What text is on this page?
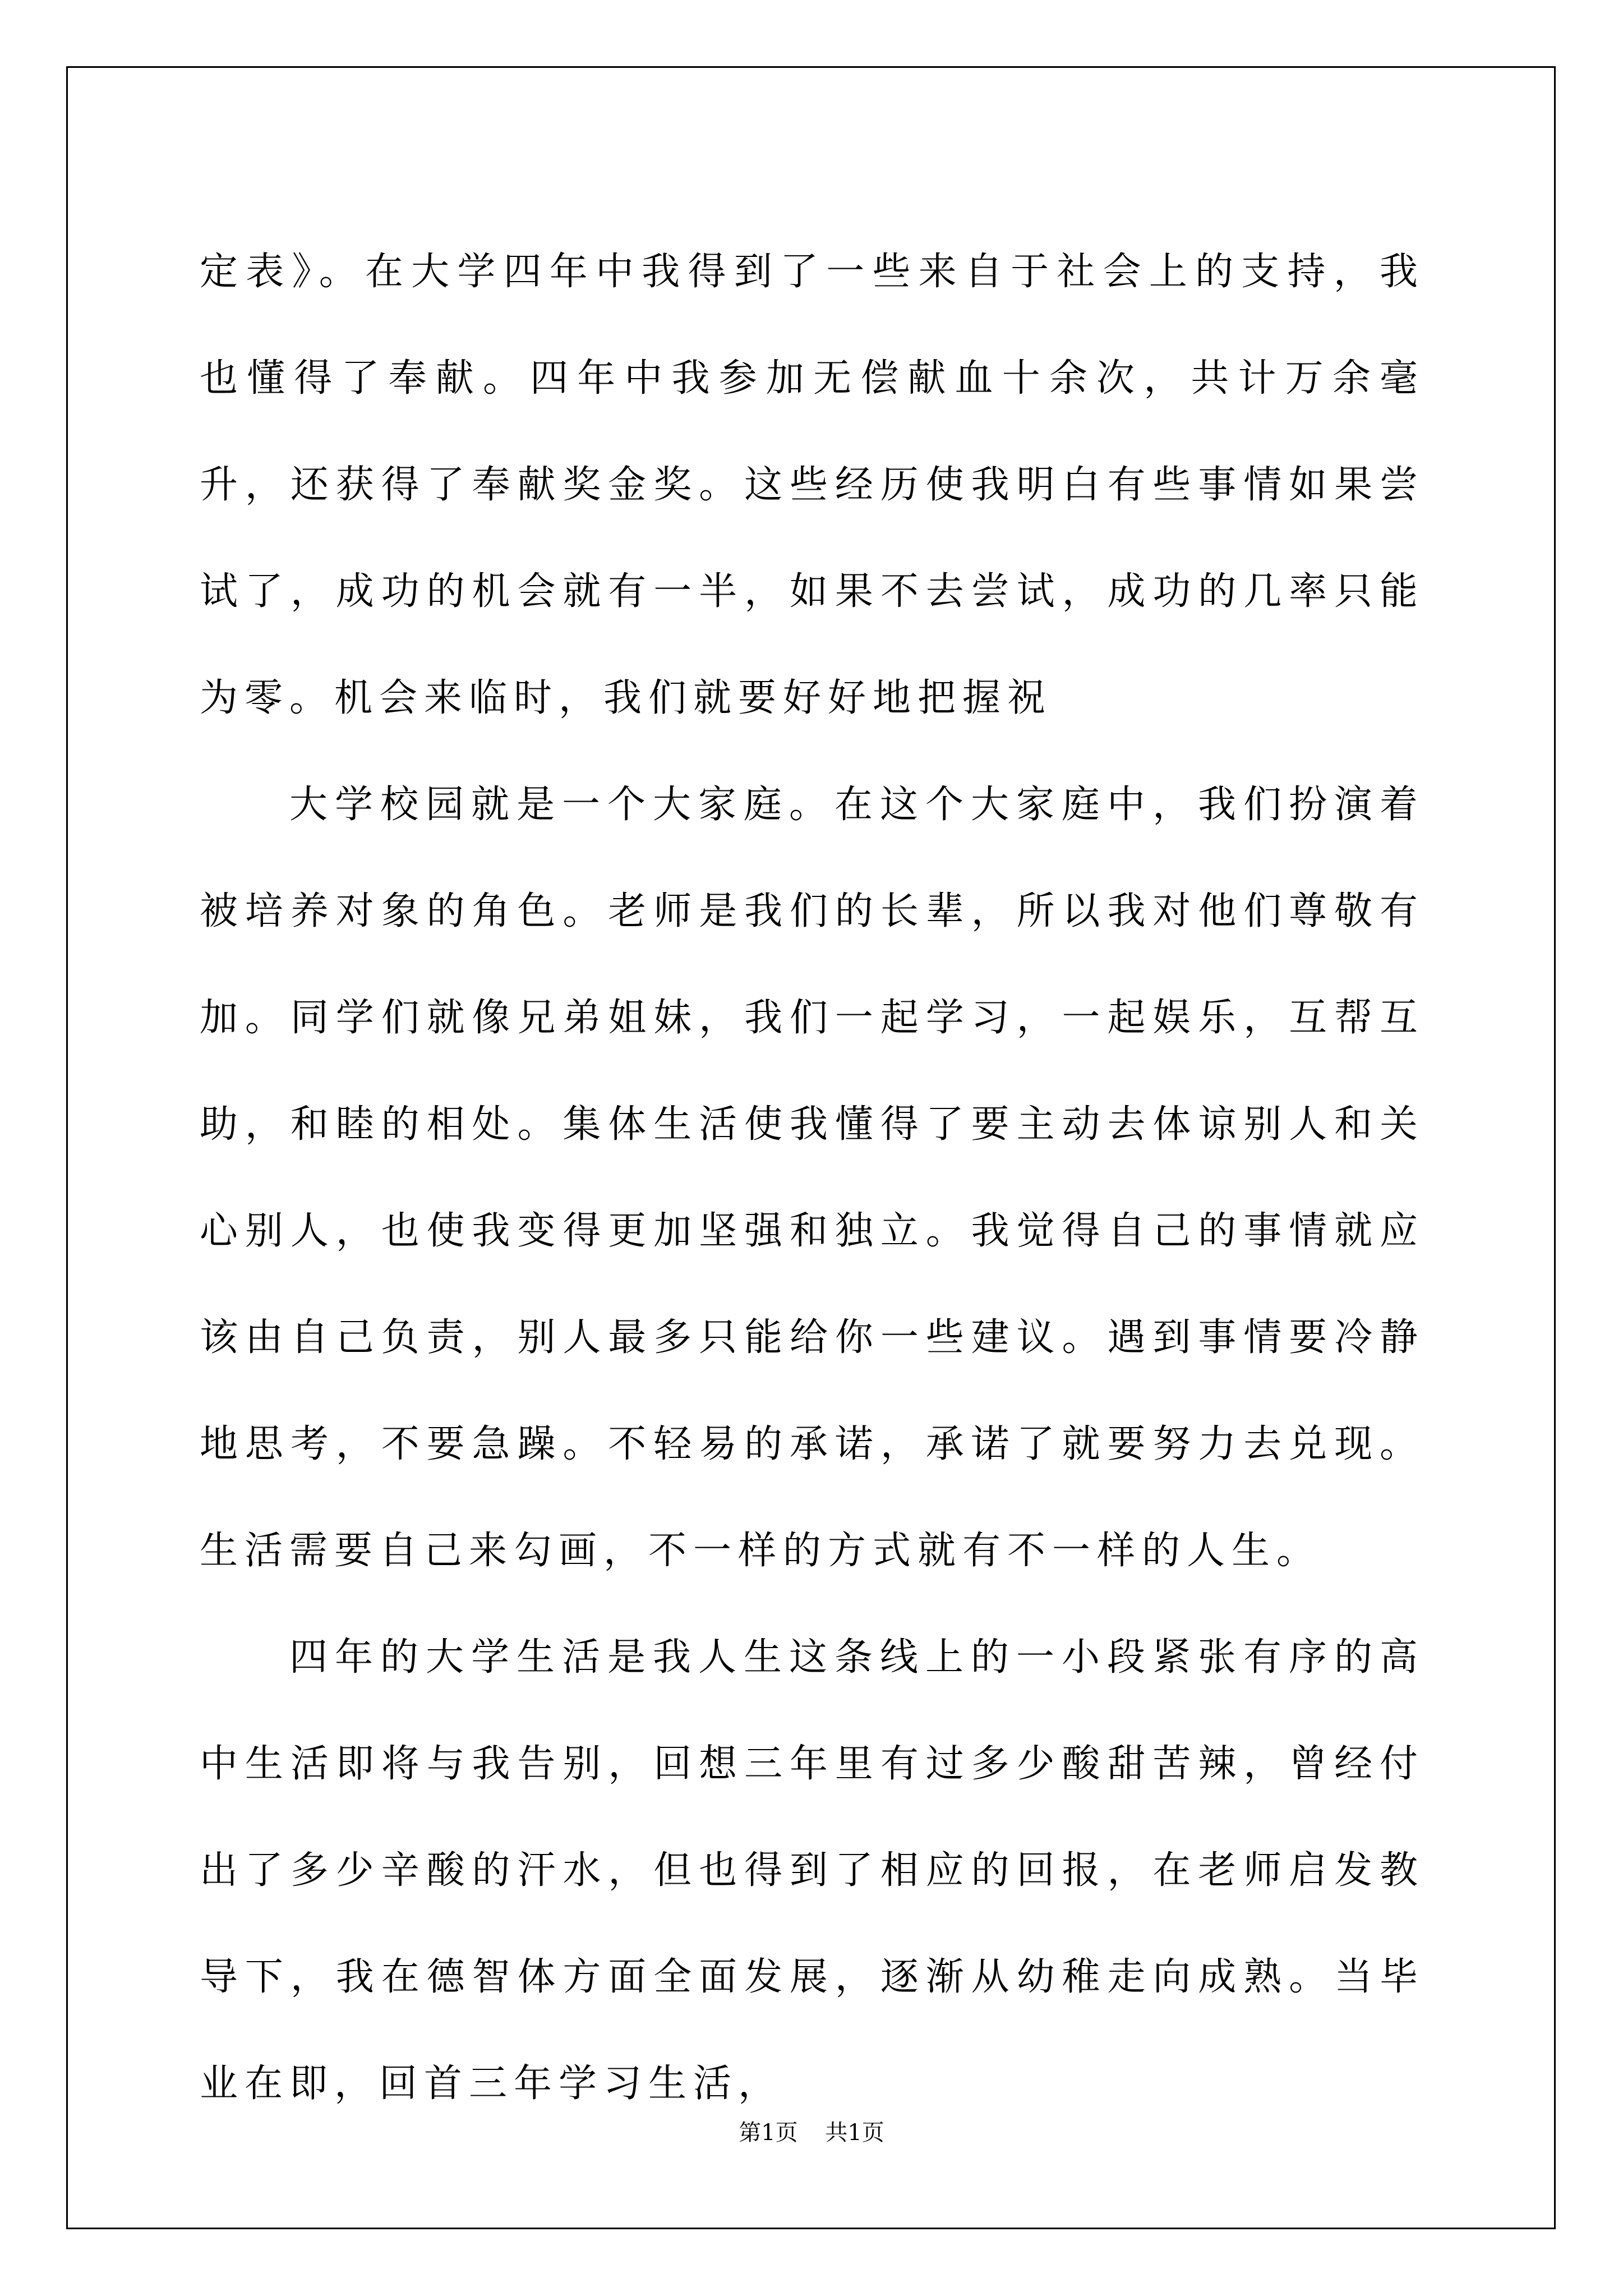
定表》。在大学四年中我得到了一些来自于社会上的支持，我也懂得了奉献。四年中我参加无偿献血十余次，共计万余毫升，还获得了奉献奖金奖。这些经历使我明白有些事情如果尝试了，成功的机会就有一半，如果不去尝试，成功的几率只能为零。机会来临时，我们就要好好地把握祝

大学校园就是一个大家庭。在这个大家庭中，我们扮演着被培养对象的角色。老师是我们的长辈，所以我对他们尊敬有加。同学们就像兄弟姐妹，我们一起学习，一起娱乐，互帮互助，和睦的相处。集体生活使我懂得了要主动去体谅别人和关心别人，也使我变得更加坚强和独立。我觉得自己的事情就应该由自己负责，别人最多只能给你一些建议。遇到事情要冷静地思考，不要急躁。不轻易的承诺，承诺了就要努力去兑现。生活需要自己来勾画，不一样的方式就有不一样的人生。

四年的大学生活是我人生这条线上的一小段紧张有序的高中生活即将与我告别，回想三年里有过多少酸甜苦辣，曾经付出了多少辛酸的汗水，但也得到了相应的回报，在老师启发教导下，我在德智体方面全面发展，逐渐从幼稚走向成熟。当毕业在即，回首三年学习生活，

第1页 共1页
